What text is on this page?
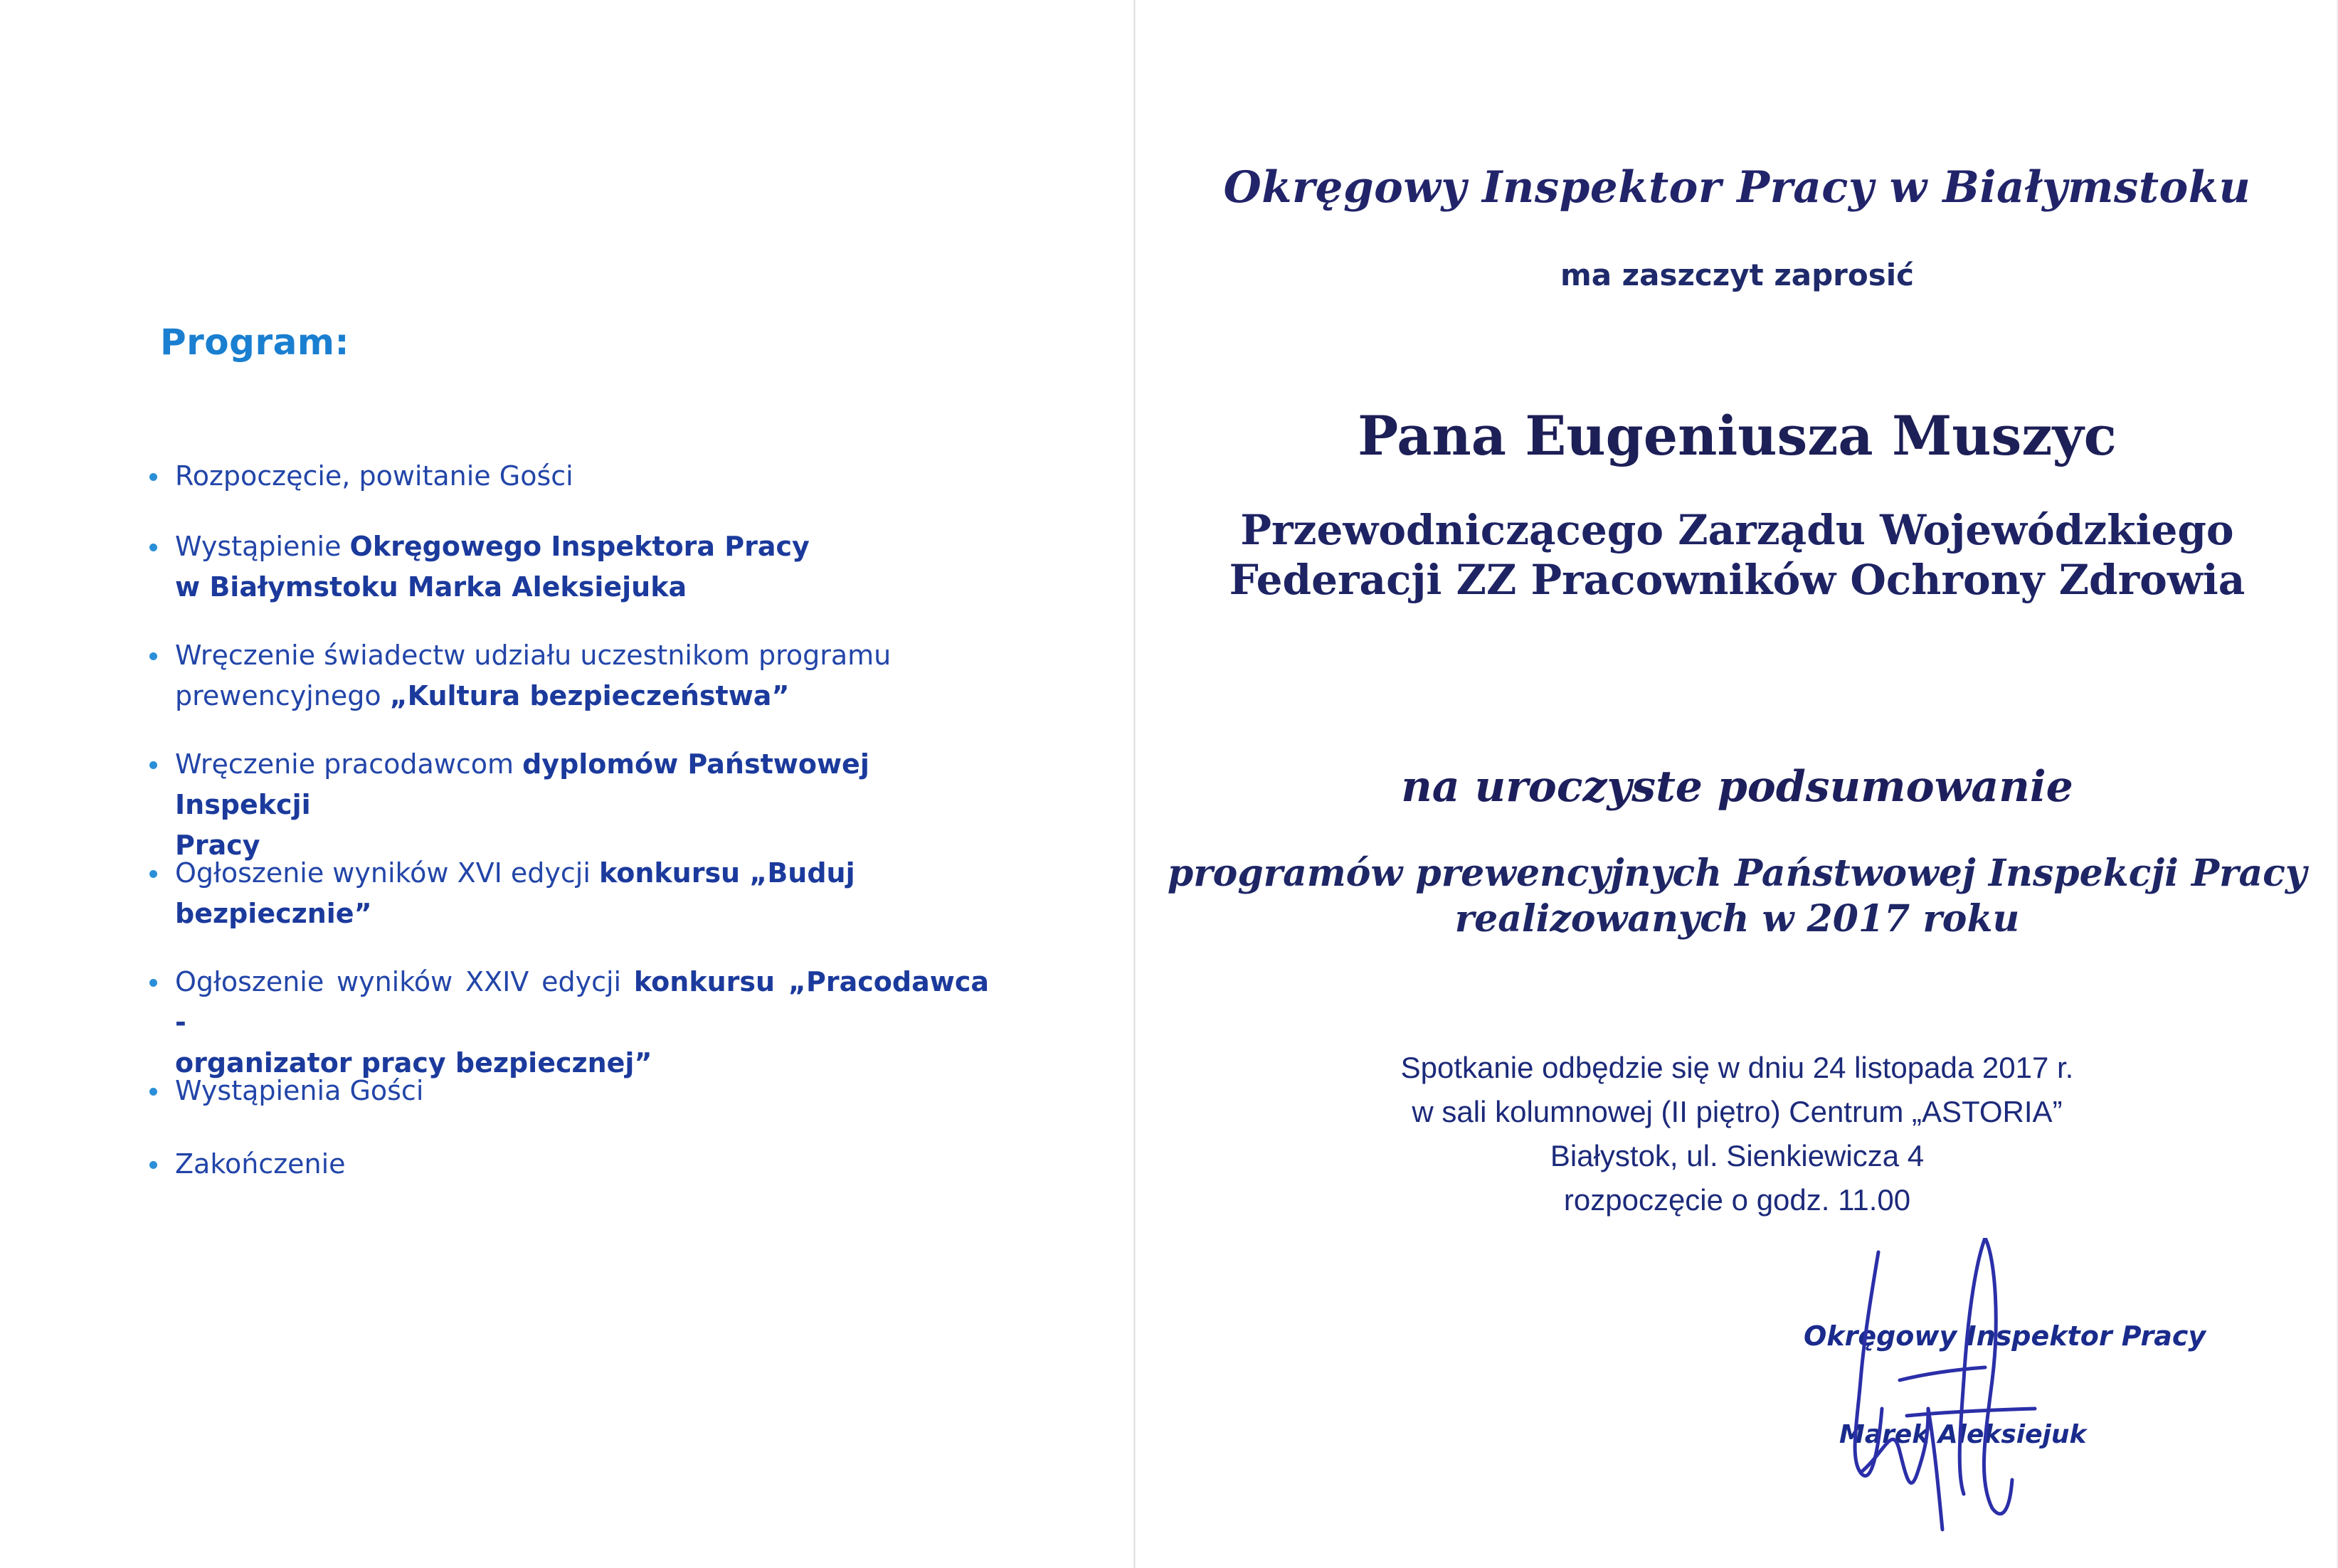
Program:
Rozpoczęcie, powitanie Gości
Wystąpienie Okręgowego Inspektora Pracy
w Białymstoku Marka Aleksiejuka
Wręczenie świadectw udziału uczestnikom programu
prewencyjnego „Kultura bezpieczeństwa”
Wręczenie pracodawcom dyplomów Państwowej Inspekcji
Pracy
Ogłoszenie wyników XVI edycji konkursu „Buduj
bezpiecznie”
Ogłoszenie wyników XXIV edycji konkursu „Pracodawca -
organizator pracy bezpiecznej”
Wystąpienia Gości
Zakończenie
Okręgowy Inspektor Pracy w Białymstoku
ma zaszczyt zaprosić
Pana Eugeniusza Muszyc
Przewodniczącego Zarządu Wojewódzkiego
Federacji ZZ Pracowników Ochrony Zdrowia
na uroczyste podsumowanie
programów prewencyjnych Państwowej Inspekcji Pracy
realizowanych w 2017 roku
Spotkanie odbędzie się w dniu 24 listopada 2017 r.
w sali kolumnowej (II piętro) Centrum „ASTORIA”
Białystok, ul. Sienkiewicza 4
rozpoczęcie o godz. 11.00
Okręgowy Inspektor Pracy
Marek Aleksiejuk
